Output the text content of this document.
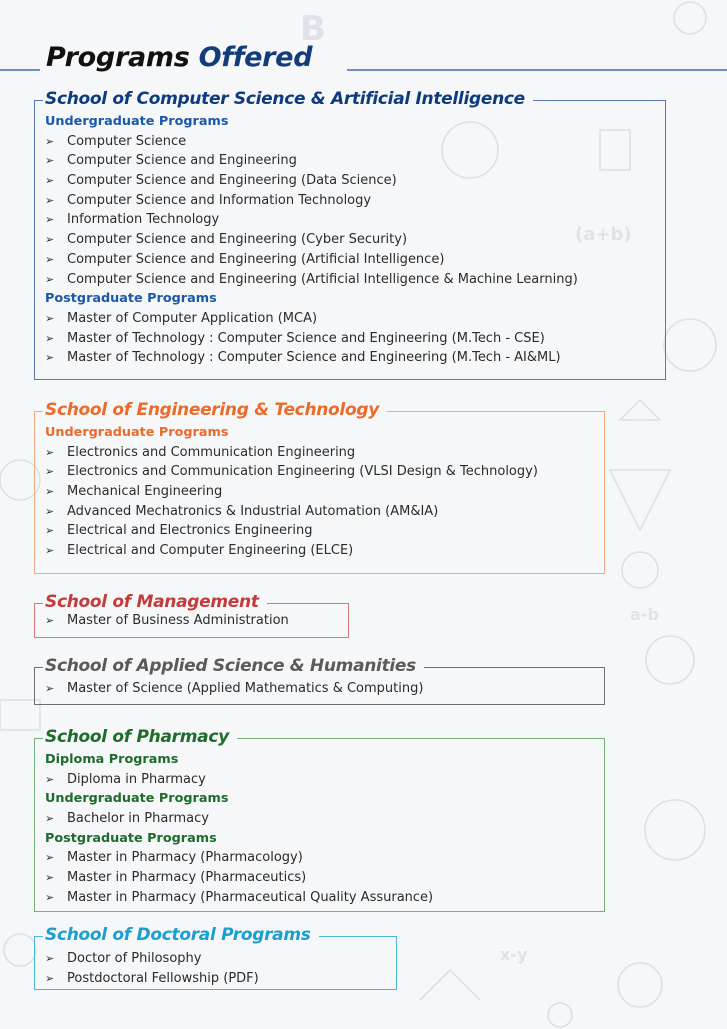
(a+b)
B
a-b
x-y
Programs Offered
School of Computer Science & Artificial Intelligence
Undergraduate Programs
➢ Computer Science
➢ Computer Science and Engineering
➢ Computer Science and Engineering (Data Science)
➢ Computer Science and Information Technology
➢ Information Technology
➢ Computer Science and Engineering (Cyber Security)
➢ Computer Science and Engineering (Artificial Intelligence)
➢ Computer Science and Engineering (Artificial Intelligence & Machine Learning)
Postgraduate Programs
➢ Master of Computer Application (MCA)
➢ Master of Technology : Computer Science and Engineering (M.Tech - CSE)
➢ Master of Technology : Computer Science and Engineering (M.Tech - AI&ML)
School of Engineering & Technology
Undergraduate Programs
➢ Electronics and Communication Engineering
➢ Electronics and Communication Engineering (VLSI Design & Technology)
➢ Mechanical Engineering
➢ Advanced Mechatronics & Industrial Automation (AM&IA)
➢ Electrical and Electronics Engineering
➢ Electrical and Computer Engineering (ELCE)
School of Management
➢ Master of Business Administration
School of Applied Science & Humanities
➢ Master of Science (Applied Mathematics & Computing)
School of Pharmacy
Diploma Programs
➢ Diploma in Pharmacy
Undergraduate Programs
➢ Bachelor in Pharmacy
Postgraduate Programs
➢ Master in Pharmacy (Pharmacology)
➢ Master in Pharmacy (Pharmaceutics)
➢ Master in Pharmacy (Pharmaceutical Quality Assurance)
School of Doctoral Programs
➢ Doctor of Philosophy
➢ Postdoctoral Fellowship (PDF)
